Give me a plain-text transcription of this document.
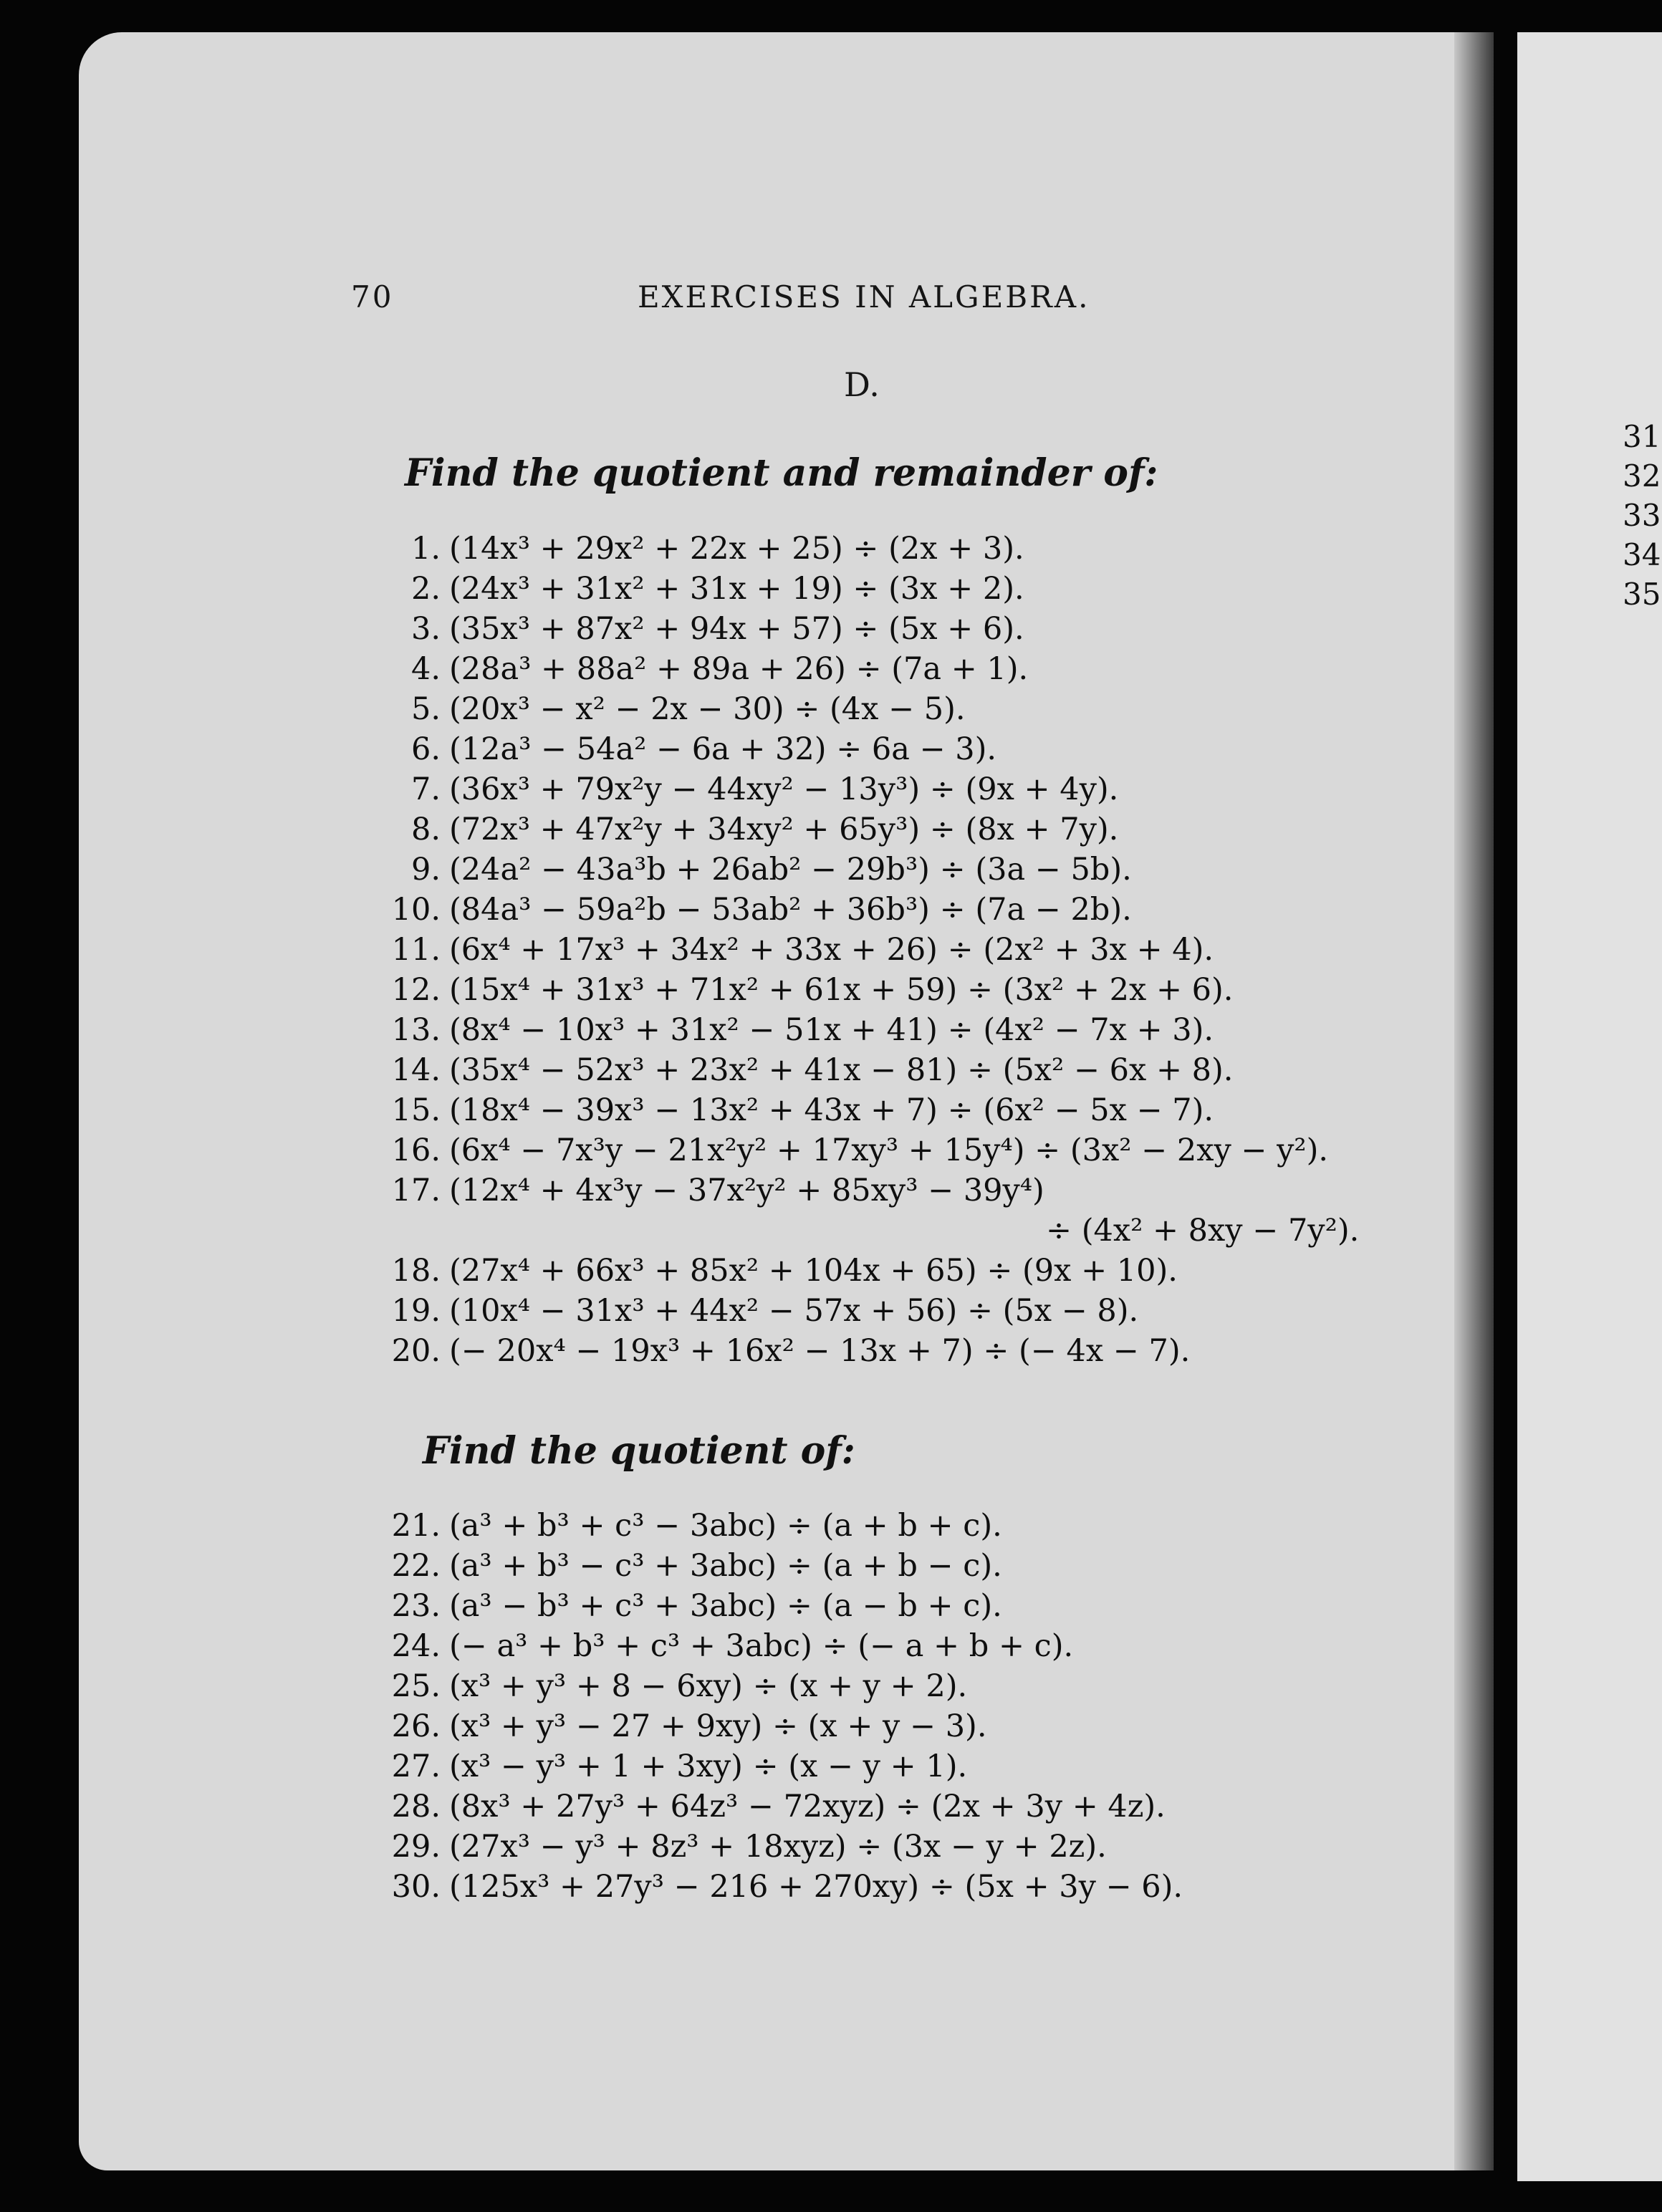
70	EXERCISES IN ALGEBRA.
D.
Find the quotient and remainder of:
1. (14x³ + 29x² + 22x + 25) ÷ (2x + 3).
2. (24x³ + 31x² + 31x + 19) ÷ (3x + 2).
3. (35x³ + 87x² + 94x + 57) ÷ (5x + 6).
4. (28a³ + 88a² + 89a + 26) ÷ (7a + 1).
5. (20x³ − x² − 2x − 30) ÷ (4x − 5).
6. (12a³ − 54a² − 6a + 32) ÷ 6a − 3).
7. (36x³ + 79x²y − 44xy² − 13y³) ÷ (9x + 4y).
8. (72x³ + 47x²y + 34xy² + 65y³) ÷ (8x + 7y).
9. (24a² − 43a³b + 26ab² − 29b³) ÷ (3a − 5b).
10. (84a³ − 59a²b − 53ab² + 36b³) ÷ (7a − 2b).
11. (6x⁴ + 17x³ + 34x² + 33x + 26) ÷ (2x² + 3x + 4).
12. (15x⁴ + 31x³ + 71x² + 61x + 59) ÷ (3x² + 2x + 6).
13. (8x⁴ − 10x³ + 31x² − 51x + 41) ÷ (4x² − 7x + 3).
14. (35x⁴ − 52x³ + 23x² + 41x − 81) ÷ (5x² − 6x + 8).
15. (18x⁴ − 39x³ − 13x² + 43x + 7) ÷ (6x² − 5x − 7).
16. (6x⁴ − 7x³y − 21x²y² + 17xy³ + 15y⁴) ÷ (3x² − 2xy − y²).
17. (12x⁴ + 4x³y − 37x²y² + 85xy³ − 39y⁴)
÷ (4x² + 8xy − 7y²).
18. (27x⁴ + 66x³ + 85x² + 104x + 65) ÷ (9x + 10).
19. (10x⁴ − 31x³ + 44x² − 57x + 56) ÷ (5x − 8).
20. (− 20x⁴ − 19x³ + 16x² − 13x + 7) ÷ (− 4x − 7).
Find the quotient of:
21. (a³ + b³ + c³ − 3abc) ÷ (a + b + c).
22. (a³ + b³ − c³ + 3abc) ÷ (a + b − c).
23. (a³ − b³ + c³ + 3abc) ÷ (a − b + c).
24. (− a³ + b³ + c³ + 3abc) ÷ (− a + b + c).
25. (x³ + y³ + 8 − 6xy) ÷ (x + y + 2).
26. (x³ + y³ − 27 + 9xy) ÷ (x + y − 3).
27. (x³ − y³ + 1 + 3xy) ÷ (x − y + 1).
28. (8x³ + 27y³ + 64z³ − 72xyz) ÷ (2x + 3y + 4z).
29. (27x³ − y³ + 8z³ + 18xyz) ÷ (3x − y + 2z).
30. (125x³ + 27y³ − 216 + 270xy) ÷ (5x + 3y − 6).
31
32
33
34
35
